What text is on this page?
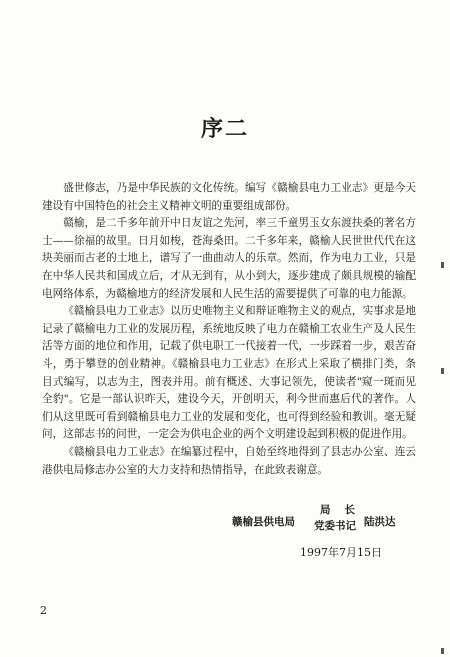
序二

盛世修志，乃是中华民族的文化传统。编写《赣榆县电力工业志》更是今天建设有中国特色的社会主义精神文明的重要组成部份。

赣榆，是二千多年前开中日友谊之先河，率三千童男玉女东渡扶桑的著名方士——徐福的故里。日月如梭，苍海桑田。二千多年来，赣榆人民世世代代在这块美丽而古老的土地上，谱写了一曲曲动人的乐章。然而，作为电力工业，只是在中华人民共和国成立后，才从无到有，从小到大，逐步建成了颇具规模的输配电网络体系，为赣榆地方的经济发展和人民生活的需要提供了可靠的电力能源。

《赣榆县电力工业志》以历史唯物主义和辩证唯物主义的观点，实事求是地记录了赣榆电力工业的发展历程，系统地反映了电力在赣榆工农业生产及人民生活等方面的地位和作用，记载了供电职工一代接着一代，一步踩着一步，艰苦奋斗，勇于攀登的创业精神。《赣榆县电力工业志》在形式上采取了横排门类，条目式编写，以志为主，图表并用。前有概述、大事记领先，使读者"窥一斑而见全豹"。它是一部认识昨天，建设今天，开创明天，利今世而惠后代的著作。人们从这里既可看到赣榆县电力工业的发展和变化，也可得到经验和教训。毫无疑问，这部志书的问世，一定会为供电企业的两个文明建设起到积极的促进作用。

《赣榆县电力工业志》在编纂过程中，自始至终地得到了县志办公室、连云港供电局修志办公室的大力支持和热情指导，在此致表谢意。

赣榆县供电局
局长
党委书记 陆洪达
1997年7月15日
2
